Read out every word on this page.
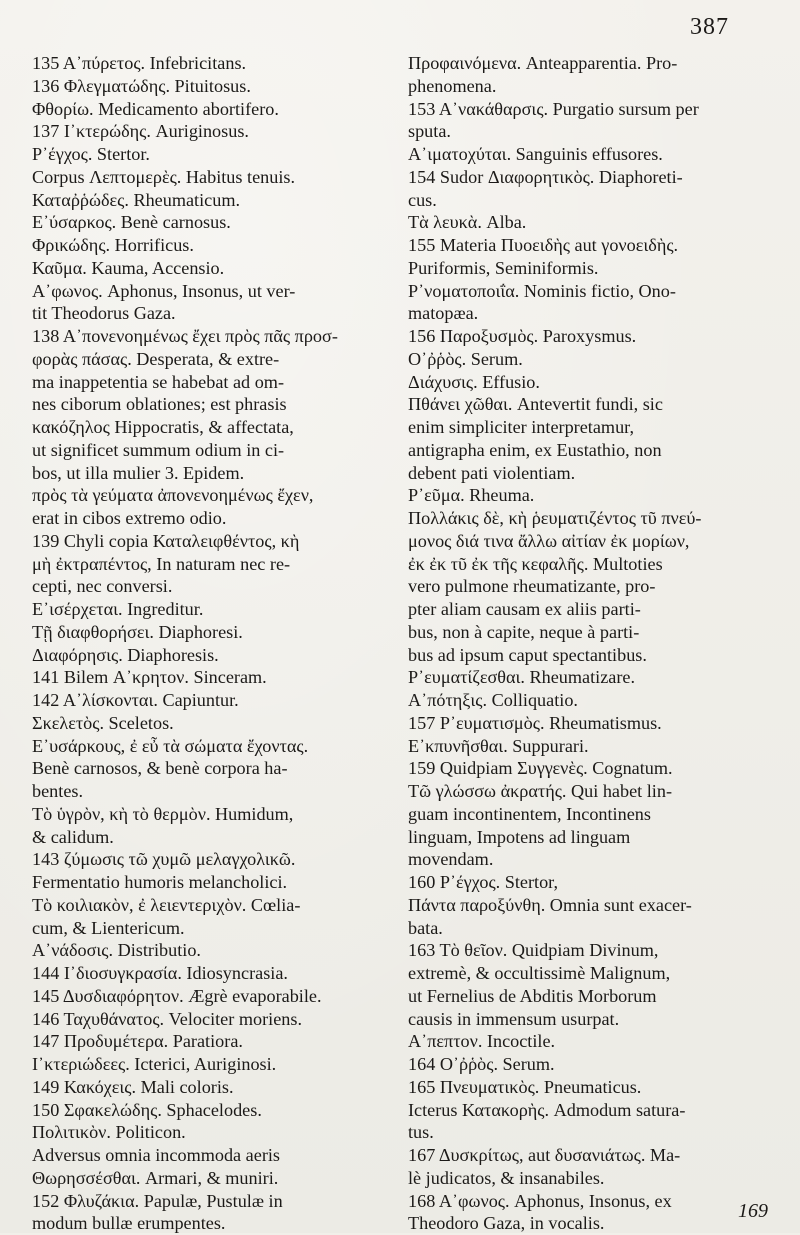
387
135 Α᾽πύρετος. Infebricitans.
136 Φλεγματώδης. Pituitosus.
Φθορίω. Medicamento abortifero.
137 Ι᾽κτερώδης. Auriginosus.
Ρ᾽έγχος. Stertor.
Corpus Λεπτομερὲς. Habitus tenuis.
Καταῤῥώδες. Rheumaticum.
Ε᾽ύσαρκος. Benè carnosus.
Φρικώδης. Horrificus.
Καῦμα. Kauma, Accensio.
Α᾽φωνος. Aphonus, Insonus, ut ver-
tit Theodorus Gaza.
138 Α᾽πονενοημένως ἔχει πρὸς πᾶς προσ-
φορὰς πάσας. Desperata, & extre-
ma inappetentia se habebat ad om-
nes ciborum oblationes; est phrasis
κακόζηλος Hippocratis, & affectata,
ut significet summum odium in ci-
bos, ut illa mulier 3. Epidem.
πρὸς τὰ γεύματα ἀπονενοημένως ἔχεν,
erat in cibos extremo odio.
139 Chyli copia Καταλειφθέντος, κὴ
μὴ ἐκτραπέντος, In naturam nec re-
cepti, nec conversi.
Ε᾽ισέρχεται. Ingreditur.
Τῇ διαφθορήσει. Diaphoresi.
Διαφόρησις. Diaphoresis.
141 Bilem Α᾽κρητον. Sinceram.
142 Α᾽λίσκονται. Capiuntur.
Σκελετὸς. Sceletos.
Ε᾽υσάρκους, ἐ εὖ τὰ σώματα ἔχοντας.
Benè carnosos, & benè corpora ha-
bentes.
Τὸ ὑγρὸν, κὴ τὸ θερμὸν. Humidum,
& calidum.
143 ζύμωσις τῶ χυμῶ μελαγχολικῶ.
Fermentatio humoris melancholici.
Τὸ κοιλιακὸν, ἐ λειεντεριχὸν. Cœlia-
cum, & Lientericum.
Α᾽νάδοσις. Distributio.
144 Ι᾽διοσυγκρασία. Idiosyncrasia.
145 Δυσδιαφόρητον. Ægrè evaporabile.
146 Ταχυθάνατος. Velociter moriens.
147 Προδυμέτερα. Paratiora.
Ι᾽κτεριώδεες. Icterici, Auriginosi.
149 Κακόχεις. Mali coloris.
150 Σφακελώδης. Sphacelodes.
Πολιτικὸν. Politicon.
Adversus omnia incommoda aeris
Θωρησσέσθαι. Armari, & muniri.
152 Φλυζάκια. Papulæ, Pustulæ in
modum bullæ erumpentes.
Προφαινόμενα. Anteapparentia. Pro-
phenomena.
153 Α᾽νακάθαρσις. Purgatio sursum per
sputa.
Α᾽ιματοχύται. Sanguinis effusores.
154 Sudor Διαφορητικὸς. Diaphoreti-
cus.
Τὰ λευκὰ. Alba.
155 Materia Πυοειδὴς aut γονοειδὴς.
Puriformis, Seminiformis.
Ρ᾽νοματοποιΐα. Nominis fictio, Ono-
matopæa.
156 Παροξυσμὸς. Paroxysmus.
Ο᾽ῤῥὸς. Serum.
Διάχυσις. Effusio.
Πθάνει χῶθαι. Antevertit fundi, sic
enim simpliciter interpretamur,
antigrapha enim, ex Eustathio, non
debent pati violentiam.
Ρ᾽εῦμα. Rheuma.
Πολλάκις δὲ, κὴ ῥευματιζέντος τῦ πνεύ-
μονος διά τινα ἄλλω αἰτίαν ἐκ μορίων,
ἐκ ἐκ τῦ ἐκ τῆς κεφαλῆς. Multoties
vero pulmone rheumatizante, pro-
pter aliam causam ex aliis parti-
bus, non à capite, neque à parti-
bus ad ipsum caput spectantibus.
Ρ᾽ευματίζεσθαι. Rheumatizare.
Α᾽πότηξις. Colliquatio.
157 Ρ᾽ευματισμὸς. Rheumatismus.
Ε᾽κπυνῆσθαι. Suppurari.
159 Quidpiam Συγγενὲς. Cognatum.
Τῶ γλώσσω ἀκρατής. Qui habet lin-
guam incontinentem, Incontinens
linguam, Impotens ad linguam
movendam.
160 Ρ᾽έγχος. Stertor,
Πάντα παροξύνθη. Omnia sunt exacer-
bata.
163 Τὸ θεῖον. Quidpiam Divinum,
extremè, & occultissimè Malignum,
ut Fernelius de Abditis Morborum
causis in immensum usurpat.
Α᾽πεπτον. Incoctile.
164 Ο᾽ῤῥὸς. Serum.
165 Πνευματικὸς. Pneumaticus.
Icterus Κατακορὴς. Admodum satura-
tus.
167 Δυσκρίτως, aut δυσανιάτως. Ma-
lè judicatos, & insanabiles.
168 Α᾽φωνος. Aphonus, Insonus, ex
Theodoro Gaza, in vocalis.
169
